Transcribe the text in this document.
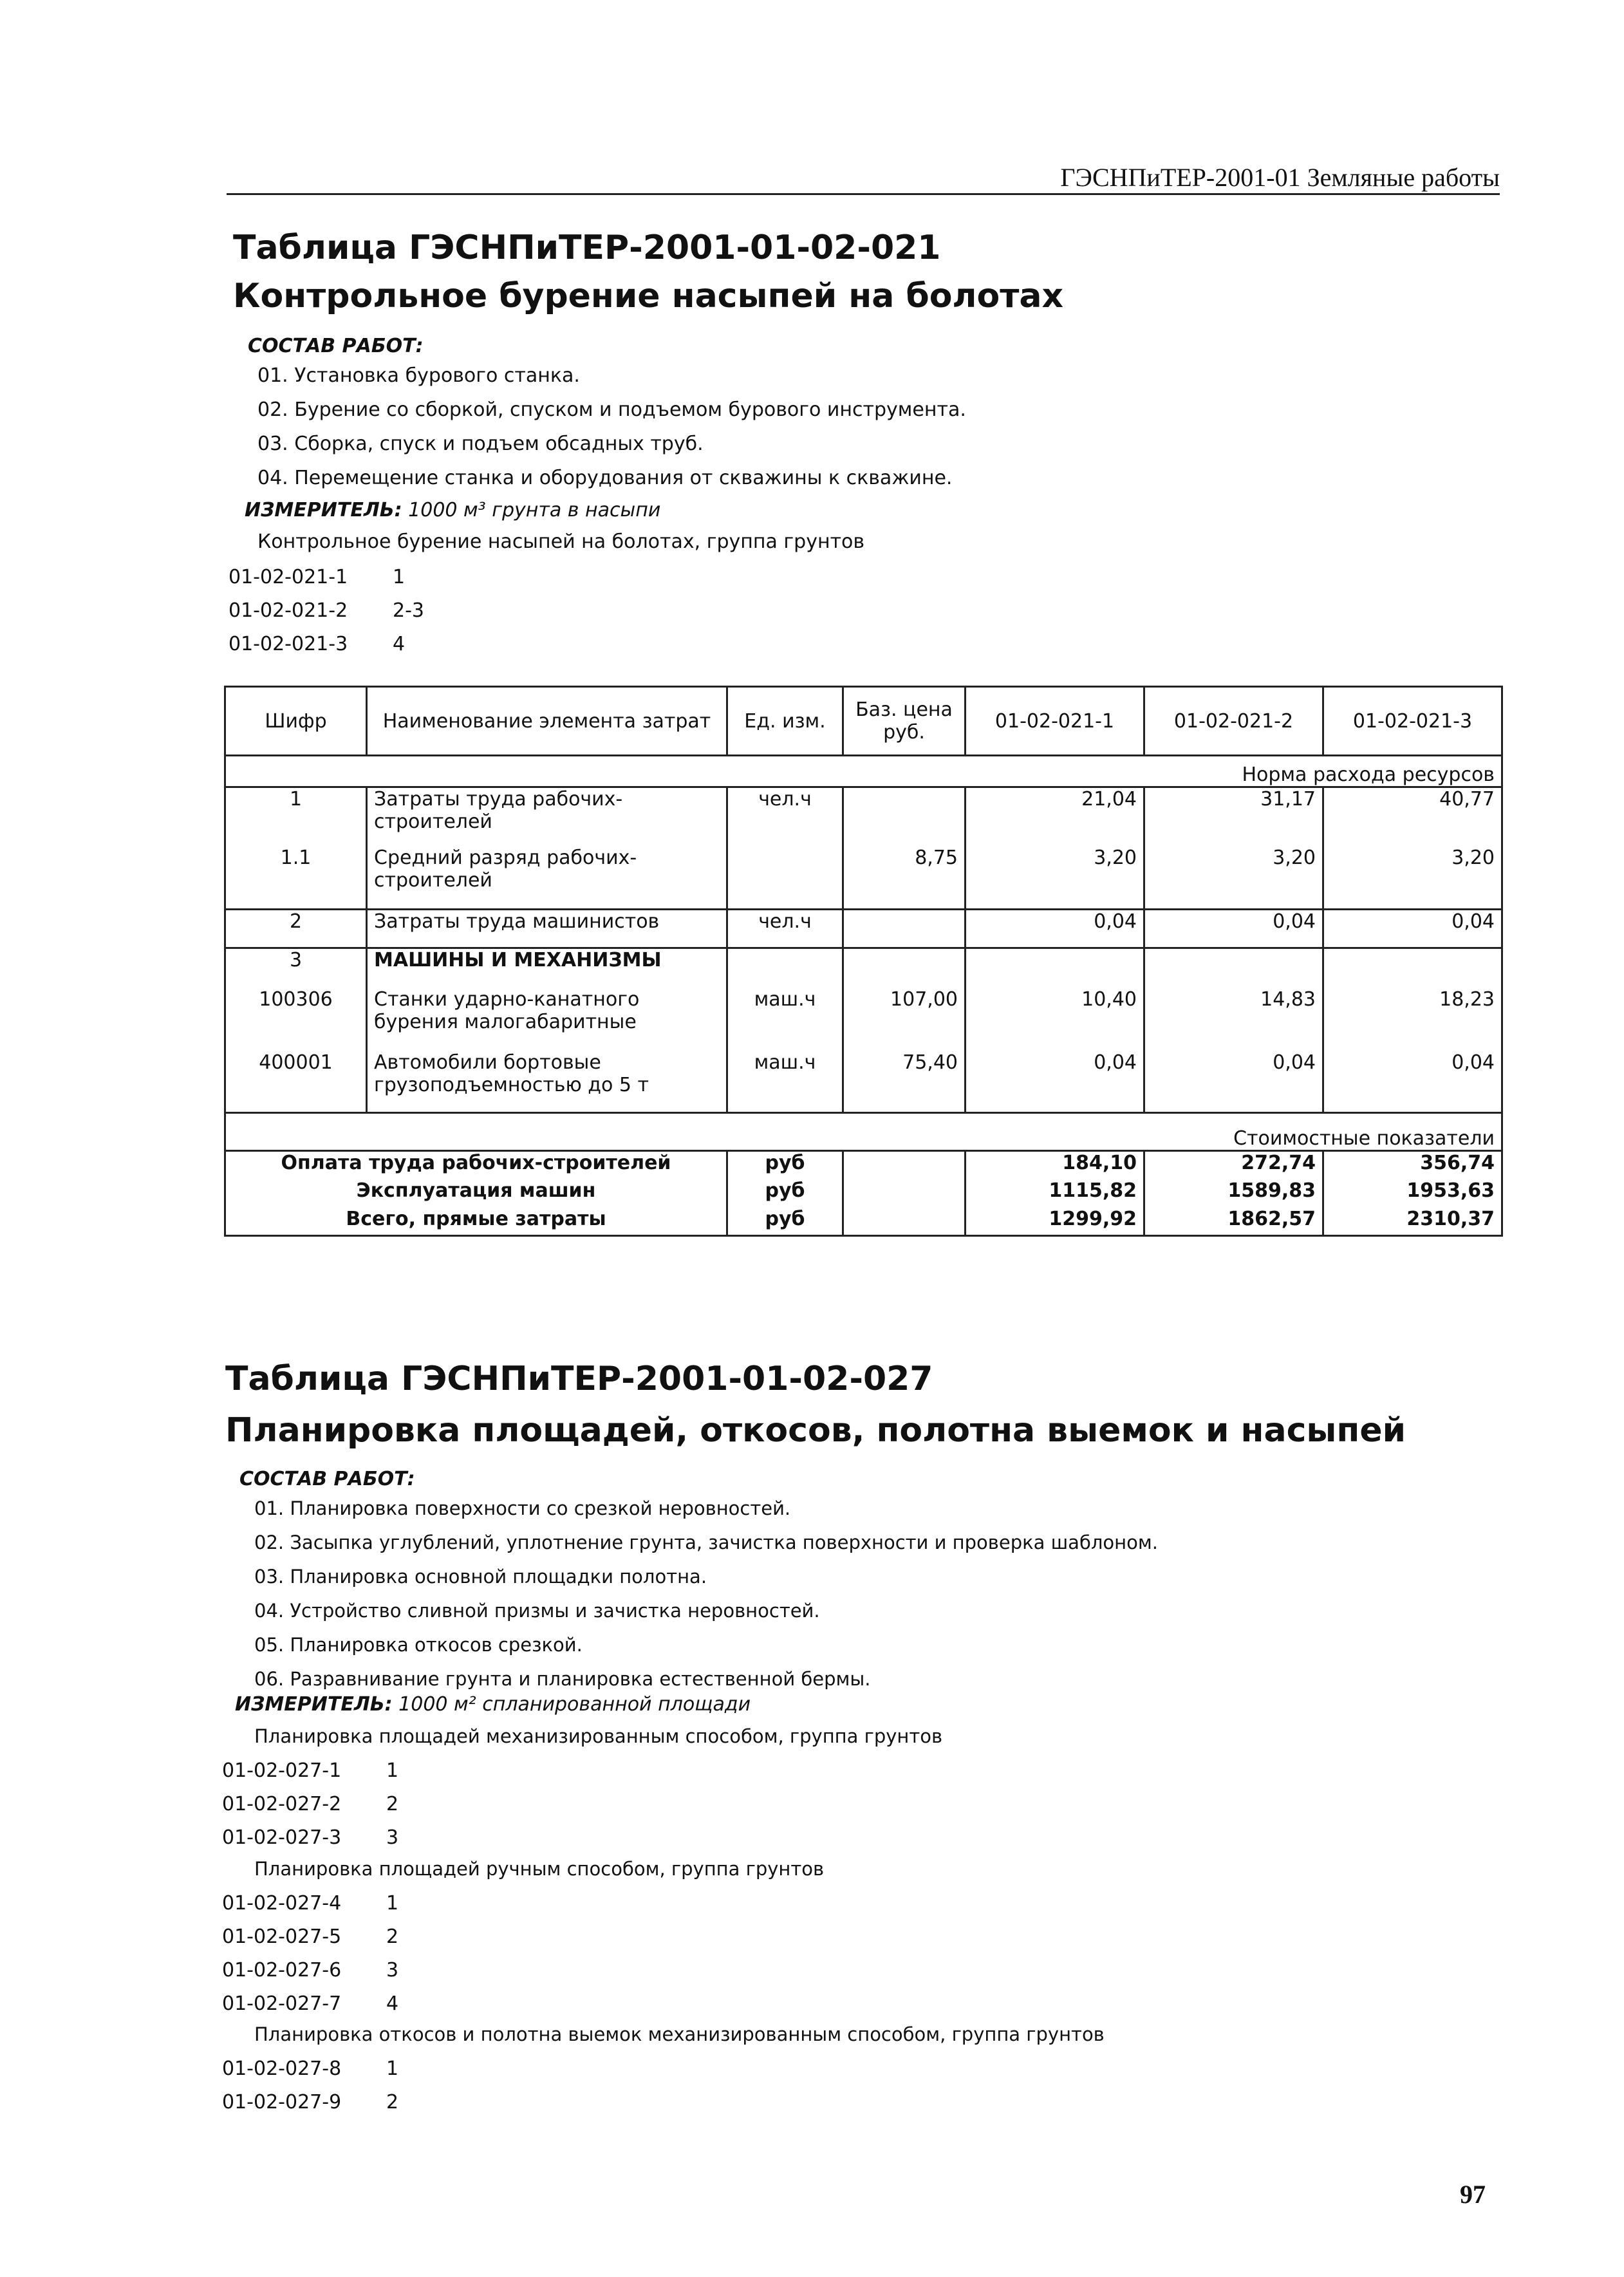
ГЭСНПиТЕР-2001-01 Земляные работы
Таблица ГЭСНПиТЕР-2001-01-02-021
Контрольное бурение насыпей на болотах
СОСТАВ РАБОТ:
01. Установка бурового станка.
02. Бурение со сборкой, спуском и подъемом бурового инструмента.
03. Сборка, спуск и подъем обсадных труб.
04. Перемещение станка и оборудования от скважины к скважине.
ИЗМЕРИТЕЛЬ: 1000 м³ грунта в насыпи
Контрольное бурение насыпей на болотах, группа грунтов
01-02-021-1 1
01-02-021-2 2-3
01-02-021-3 4
Шифр	Наименование элемента затрат	Ед. изм.	Баз. цена руб.	01-02-021-1	01-02-021-2	01-02-021-3
Норма расхода ресурсов						
1	Затраты труда рабочих-строителей	чел.ч		21,04	31,17	40,77
1.1	Средний разряд рабочих-строителей		8,75	3,20	3,20	3,20
2	Затраты труда машинистов	чел.ч		0,04	0,04	0,04
3	МАШИНЫ И МЕХАНИЗМЫ					
100306	Станки ударно-канатного бурения малогабаритные	маш.ч	107,00	10,40	14,83	18,23
400001	Автомобили бортовые грузоподъемностью до 5 т	маш.ч	75,40	0,04	0,04	0,04
Стоимостные показатели						
Оплата труда рабочих-строителей		руб		184,10	272,74	356,74
Эксплуатация машин		руб		1115,82	1589,83	1953,63
Всего, прямые затраты		руб		1299,92	1862,57	2310,37
Таблица ГЭСНПиТЕР-2001-01-02-027
Планировка площадей, откосов, полотна выемок и насыпей
СОСТАВ РАБОТ:
01. Планировка поверхности со срезкой неровностей.
02. Засыпка углублений, уплотнение грунта, зачистка поверхности и проверка шаблоном.
03. Планировка основной площадки полотна.
04. Устройство сливной призмы и зачистка неровностей.
05. Планировка откосов срезкой.
06. Разравнивание грунта и планировка естественной бермы.
ИЗМЕРИТЕЛЬ: 1000 м² спланированной площади
Планировка площадей механизированным способом, группа грунтов
01-02-027-1 1
01-02-027-2 2
01-02-027-3 3
Планировка площадей ручным способом, группа грунтов
01-02-027-4 1
01-02-027-5 2
01-02-027-6 3
01-02-027-7 4
Планировка откосов и полотна выемок механизированным способом, группа грунтов
01-02-027-8 1
01-02-027-9 2
97
